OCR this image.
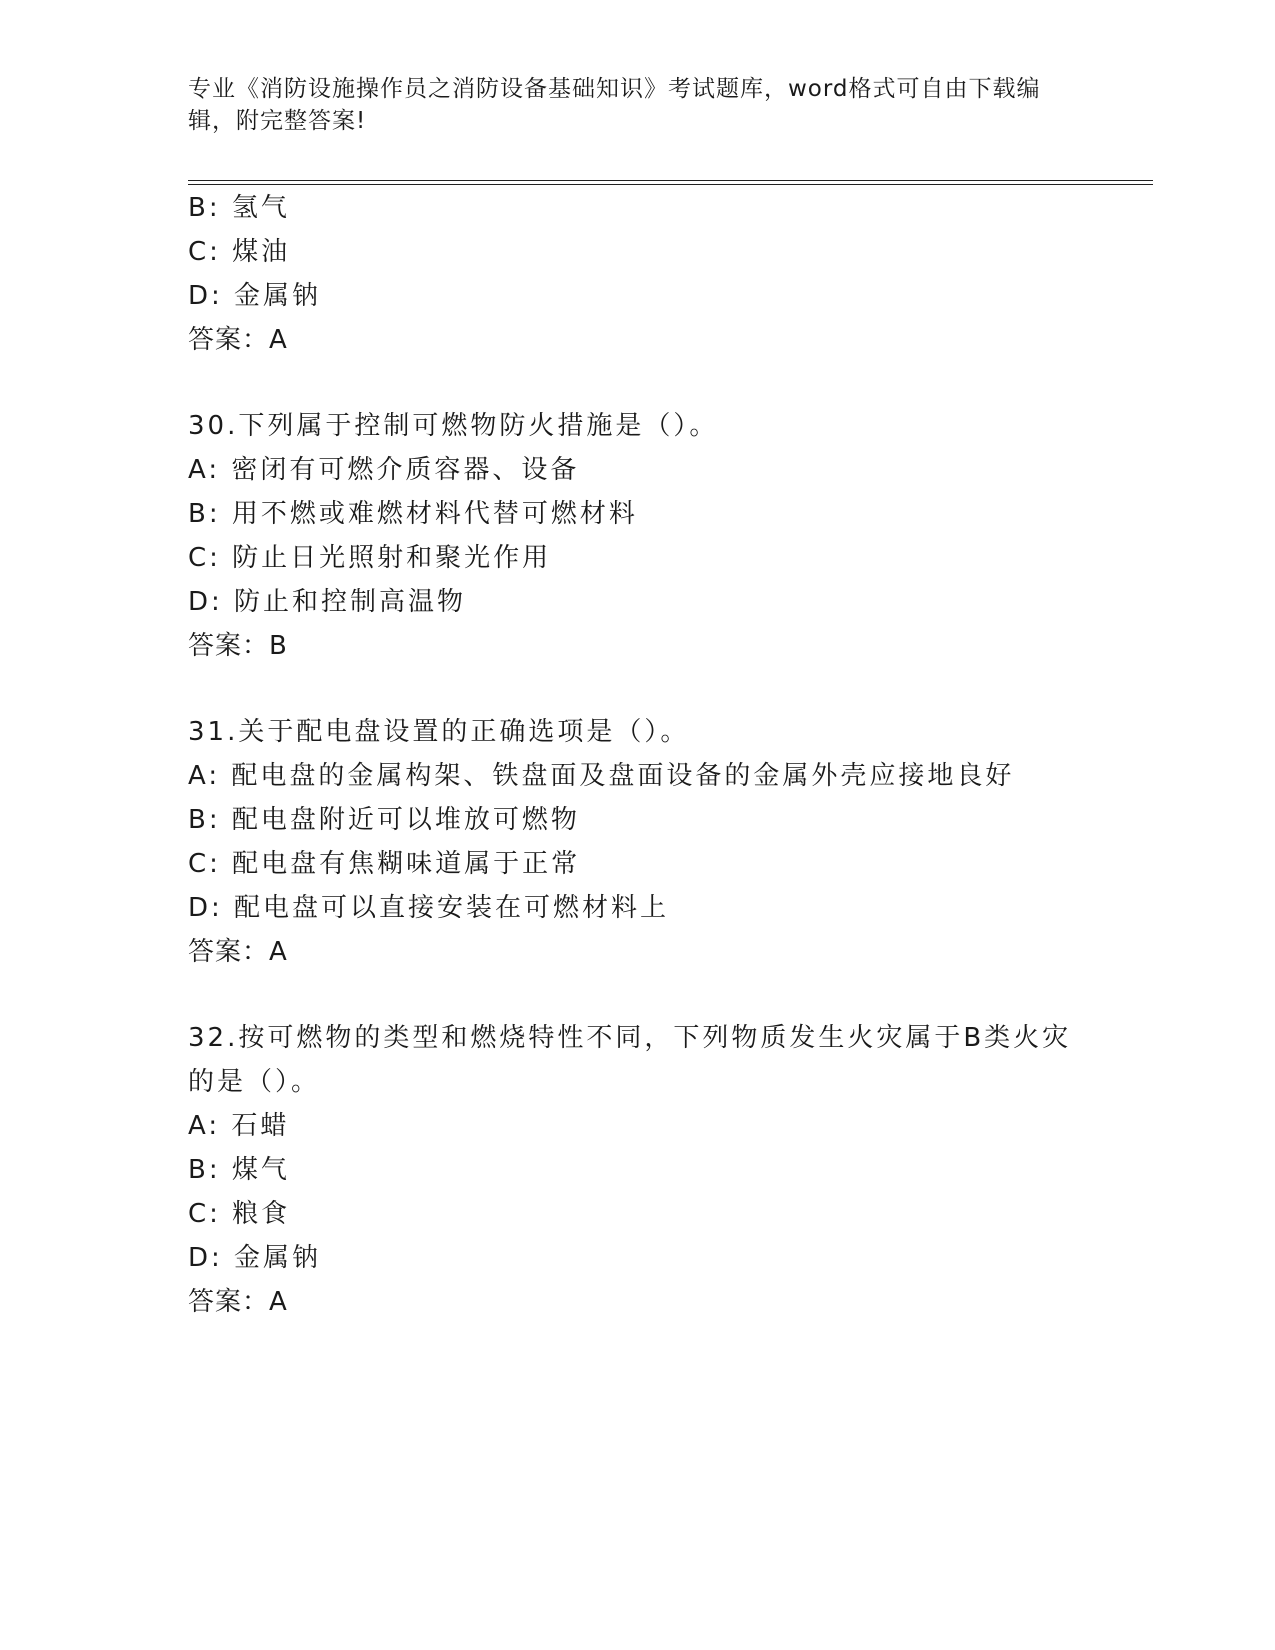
专业《消防设施操作员之消防设备基础知识》考试题库，word格式可自由下载编
辑，附完整答案!
B: 氢气
C: 煤油
D: 金属钠
答案：A
30.下列属于控制可燃物防火措施是（）。
A: 密闭有可燃介质容器、设备
B: 用不燃或难燃材料代替可燃材料
C: 防止日光照射和聚光作用
D: 防止和控制高温物
答案：B
31.关于配电盘设置的正确选项是（）。
A: 配电盘的金属构架、铁盘面及盘面设备的金属外壳应接地良好
B: 配电盘附近可以堆放可燃物
C: 配电盘有焦糊味道属于正常
D: 配电盘可以直接安装在可燃材料上
答案：A
32.按可燃物的类型和燃烧特性不同，下列物质发生火灾属于B类火灾
的是（）。
A: 石蜡
B: 煤气
C: 粮食
D: 金属钠
答案：A
